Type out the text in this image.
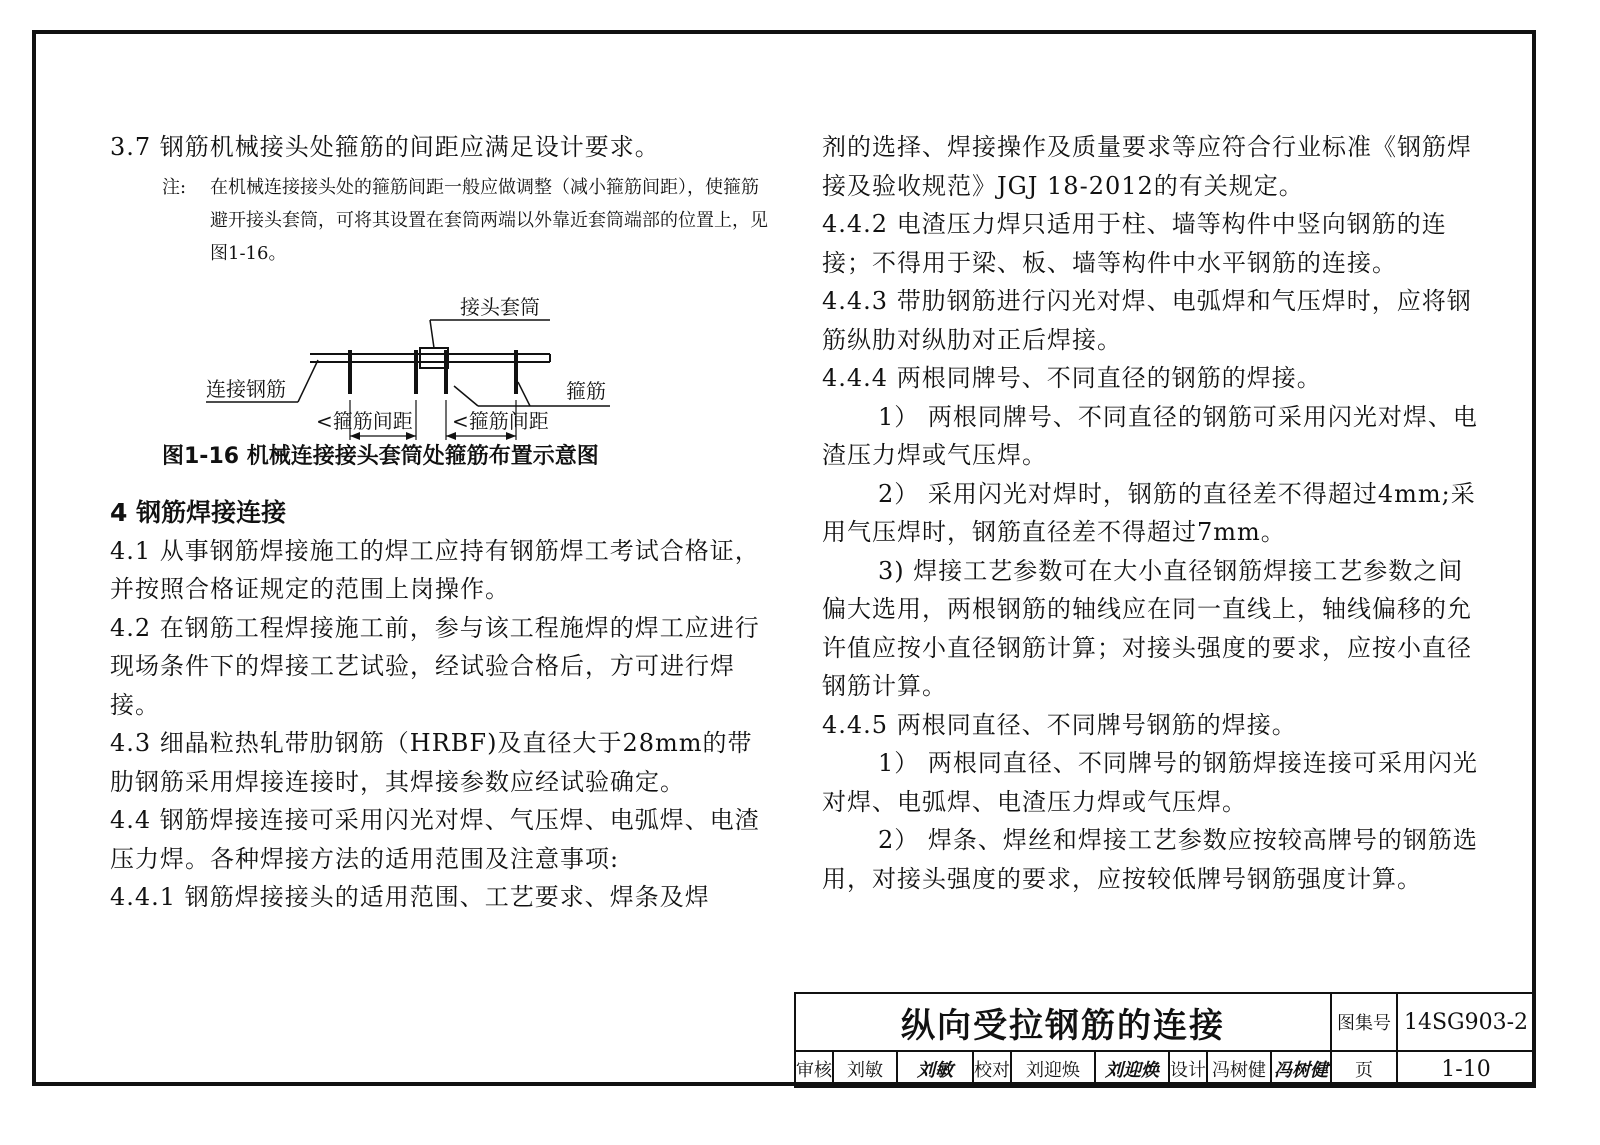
3.7 钢筋机械接头处箍筋的间距应满足设计要求。

注: 在机械连接接头处的箍筋间距一般应做调整（减小箍筋间距），使箍筋避开接头套筒，可将其设置在套筒两端以外靠近套筒端部的位置上，见图1-16。
接头套筒
连接钢筋	箍筋
<箍筋间距 <箍筋间距

图1-16 机械连接接头套筒处箍筋布置示意图

4 钢筋焊接连接

4.1 从事钢筋焊接施工的焊工应持有钢筋焊工考试合格证，并按照合格证规定的范围上岗操作。

4.2 在钢筋工程焊接施工前，参与该工程施焊的焊工应进行现场条件下的焊接工艺试验，经试验合格后，方可进行焊接。

4.3 细晶粒热轧带肋钢筋（HRBF)及直径大于28mm的带肋钢筋采用焊接连接时，其焊接参数应经试验确定。

4.4 钢筋焊接连接可采用闪光对焊、气压焊、电弧焊、电渣压力焊。各种焊接方法的适用范围及注意事项:

4.4.1 钢筋焊接接头的适用范围、工艺要求、焊条及焊

剂的选择、焊接操作及质量要求等应符合行业标准《钢筋焊接及验收规范》JGJ 18-2012的有关规定。

4.4.2 电渣压力焊只适用于柱、墙等构件中竖向钢筋的连接；不得用于梁、板、墙等构件中水平钢筋的连接。

4.4.3 带肋钢筋进行闪光对焊、电弧焊和气压焊时，应将钢筋纵肋对纵肋对正后焊接。

4.4.4 两根同牌号、不同直径的钢筋的焊接。

1） 两根同牌号、不同直径的钢筋可采用闪光对焊、电渣压力焊或气压焊。

2） 采用闪光对焊时，钢筋的直径差不得超过4mm;采用气压焊时，钢筋直径差不得超过7mm。

3) 焊接工艺参数可在大小直径钢筋焊接工艺参数之间偏大选用，两根钢筋的轴线应在同一直线上，轴线偏移的允许值应按小直径钢筋计算；对接头强度的要求，应按小直径钢筋计算。

4.4.5 两根同直径、不同牌号钢筋的焊接。

1） 两根同直径、不同牌号的钢筋焊接连接可采用闪光对焊、电弧焊、电渣压力焊或气压焊。

2） 焊条、焊丝和焊接工艺参数应按较高牌号的钢筋选用，对接头强度的要求，应按较低牌号钢筋强度计算。

纵向受拉钢筋的连接									图集号	14SG903-2
审核	刘敏	刘敏	校对	刘迎焕	刘迎焕	设计	冯树健	冯树健	页	1-10
